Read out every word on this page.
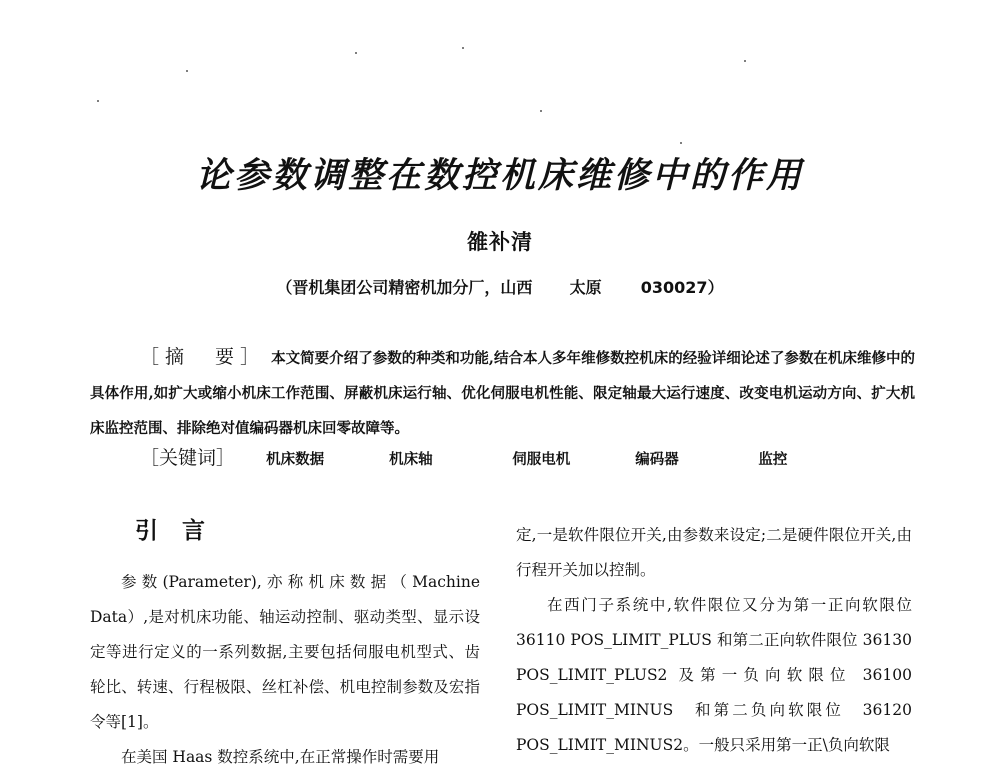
论参数调整在数控机床维修中的作用
雒补清
（晋机集团公司精密机加分厂，山西 太原 030027）

［摘　要］ 本文简要介绍了参数的种类和功能,结合本人多年维修数控机床的经验详细论述了参数在机床维修中的具体作用,如扩大或缩小机床工作范围、屏蔽机床运行轴、优化伺服电机性能、限定轴最大运行速度、改变电机运动方向、扩大机床监控范围、排除绝对值编码器机床回零故障等。

［关键词］ 机床数据	机床轴	伺服电机	编码器	监控
引言

参数(Parameter),亦称机床数据（Machine Data）,是对机床功能、轴运动控制、驱动类型、显示设定等进行定义的一系列数据,主要包括伺服电机型式、齿轮比、转速、行程极限、丝杠补偿、机电控制参数及宏指令等[1]。

在美国 Haas 数控系统中,在正常操作时需要用

定,一是软件限位开关,由参数来设定;二是硬件限位开关,由行程开关加以控制。

在西门子系统中,软件限位又分为第一正向软限位 36110 POS_LIMIT_PLUS 和第二正向软件限位 36130 POS_LIMIT_PLUS2 及第一负向软限位 36100 POS_LIMIT_MINUS　和第二负向软限位　36120 POS_LIMIT_MINUS2。一般只采用第一正\负向软限
